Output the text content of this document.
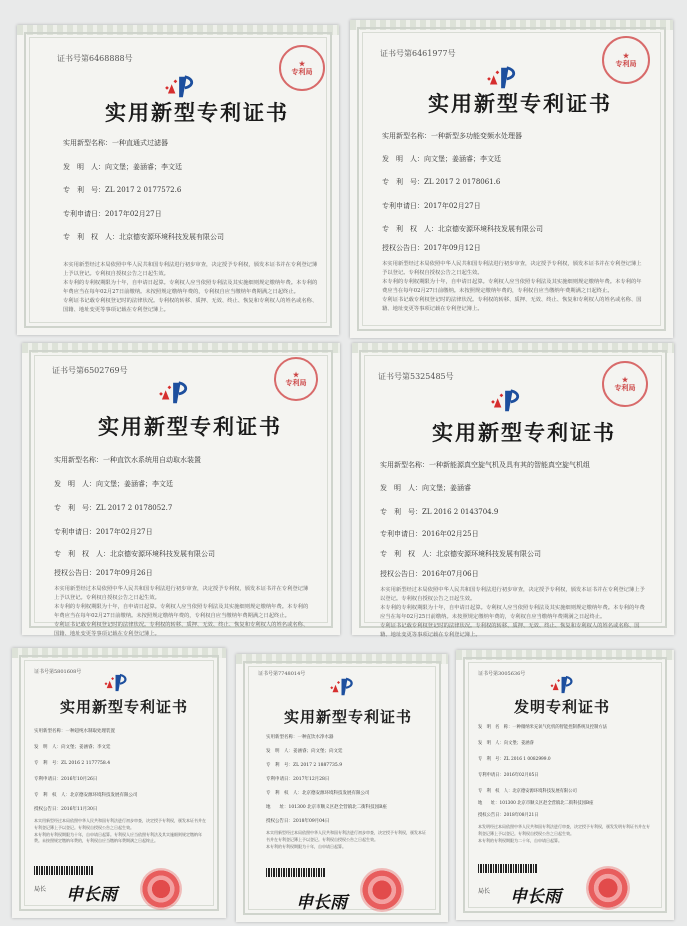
证书号第6468888号
★
专利局
实用新型专利证书
实用新型名称：一种直通式过滤器
发　明　人：向文堡；姜涵睿；李文廷
专　利　号：ZL 2017 2 0177572.6
专利申请日：2017年02月27日
专　利　权　人：北京德安源环境科技发展有限公司
本实用新型经过本局依照中华人民共和国专利法进行初步审查，决定授予专利权，颁发本证书并在专利登记簿上予以登记。专利权自授权公告之日起生效。
本专利的专利权期限为十年，自申请日起算。专利权人应当依照专利法及其实施细则规定缴纳年费。本专利的年费应当在每年02月27日前缴纳。未按照规定缴纳年费的，专利权自应当缴纳年费期满之日起终止。
专利证书记载专利权登记时的法律状况。专利权的转移、质押、无效、终止、恢复和专利权人的姓名或名称、国籍、地址变更等事项记载在专利登记簿上。
证书号第6461977号	★
专利局
实用新型专利证书
实用新型名称：一种新型多功能变频水处理器
发　明　人：向文堡；姜涵睿；李文廷
专　利　号：ZL 2017 2 0178061.6
专利申请日：2017年02月27日
专　利　权　人：北京德安源环境科技发展有限公司
授权公告日：2017年09月12日
本实用新型经过本局依照中华人民共和国专利法进行初步审查，决定授予专利权，颁发本证书并在专利登记簿上予以登记。专利权自授权公告之日起生效。
本专利的专利权期限为十年，自申请日起算。专利权人应当依照专利法及其实施细则规定缴纳年费。本专利的年费应当在每年02月27日前缴纳。未按照规定缴纳年费的，专利权自应当缴纳年费期满之日起终止。
专利证书记载专利权登记时的法律状况。专利权的转移、质押、无效、终止、恢复和专利权人的姓名或名称、国籍、地址变更等事项记载在专利登记簿上。
证书号第6502769号	★
专利局
实用新型专利证书
实用新型名称：一种直饮水系统用自动取水装置
发　明　人：向文堡；姜涵睿；李文廷
专　利　号：ZL 2017 2 0178052.7
专利申请日：2017年02月27日
专　利　权　人：北京德安源环境科技发展有限公司
授权公告日：2017年09月26日
本实用新型经过本局依照中华人民共和国专利法进行初步审查，决定授予专利权，颁发本证书并在专利登记簿上予以登记。专利权自授权公告之日起生效。
本专利的专利权期限为十年，自申请日起算。专利权人应当依照专利法及其实施细则规定缴纳年费。本专利的年费应当在每年02月27日前缴纳。未按照规定缴纳年费的，专利权自应当缴纳年费期满之日起终止。
专利证书记载专利权登记时的法律状况。专利权的转移、质押、无效、终止、恢复和专利权人的姓名或名称、国籍、地址变更等事项记载在专利登记簿上。
证书号第5325485号	★
专利局
实用新型专利证书
实用新型名称：一种新能源真空旋气机及具有其的智能真空旋气机组
发　明　人：向文堡；姜涵睿
专　利　号：ZL 2016 2 0143704.9
专利申请日：2016年02月25日
专　利　权　人：北京德安源环境科技发展有限公司
授权公告日：2016年07月06日
本实用新型经过本局依照中华人民共和国专利法进行初步审查，决定授予专利权，颁发本证书并在专利登记簿上予以登记。专利权自授权公告之日起生效。
本专利的专利权期限为十年，自申请日起算。专利权人应当依照专利法及其实施细则规定缴纳年费。本专利的年费应当在每年02月25日前缴纳。未按照规定缴纳年费的，专利权自应当缴纳年费期满之日起终止。
专利证书记载专利权登记时的法律状况。专利权的转移、质押、无效、终止、恢复和专利权人的姓名或名称、国籍、地址变更等事项记载在专利登记簿上。
证书号第5801608号
实用新型专利证书
实用新型名称：一种超纯水制取处理装置
发　明　人：向文堡；姜涵睿；李文廷
专　利　号：ZL 2016 2 1177758.4
专利申请日：2016年10月26日
专　利　权　人：北京德安源环境科技发展有限公司
授权公告日：2016年11月30日
本实用新型经过本局依照中华人民共和国专利法进行初步审查，决定授予专利权，颁发本证书并在专利登记簿上予以登记。专利权自授权公告之日起生效。
本专利的专利权期限为十年，自申请日起算。专利权人应当依照专利法及其实施细则规定缴纳年费。未按照规定缴纳年费的，专利权自应当缴纳年费期满之日起终止。
局长 申长雨
证书号第7748014号
实用新型专利证书
实用新型名称：一种直饮水净水器
发　明　人：姜涵睿；向文堡；向文廷
专　利　号：ZL 2017 2 1887735.9
专利申请日：2017年12月28日
专　利　权　人：北京德安源环境科技发展有限公司
地　　址：101300 北京市顺义区赵全营镇北二街科技园B座
授权公告日：2018年09月04日
本实用新型经过本局依照中华人民共和国专利法进行初步审查，决定授予专利权，颁发本证书并在专利登记簿上予以登记。专利权自授权公告之日起生效。
本专利的专利权期限为十年，自申请日起算。
申长雨
证书号第3005636号
发明专利证书
发　明　名　称：一种微纳米充氧气化机的智能控制系统及控制方法
发　明　人：向文堡；姜涵睿
专　利　号：ZL 2016 1 0082999.0
专利申请日：2016年02月05日
专　利　权　人：北京德安源环境科技发展有限公司
地　　址：101300 北京市顺义区赵全营镇北二街科技园B座
授权公告日：2018年08月21日
本发明经过本局依照中华人民共和国专利法进行审查，决定授予专利权，颁发发明专利证书并在专利登记簿上予以登记。专利权自授权公告之日起生效。
本专利的专利权期限为二十年，自申请日起算。
局长 申长雨
